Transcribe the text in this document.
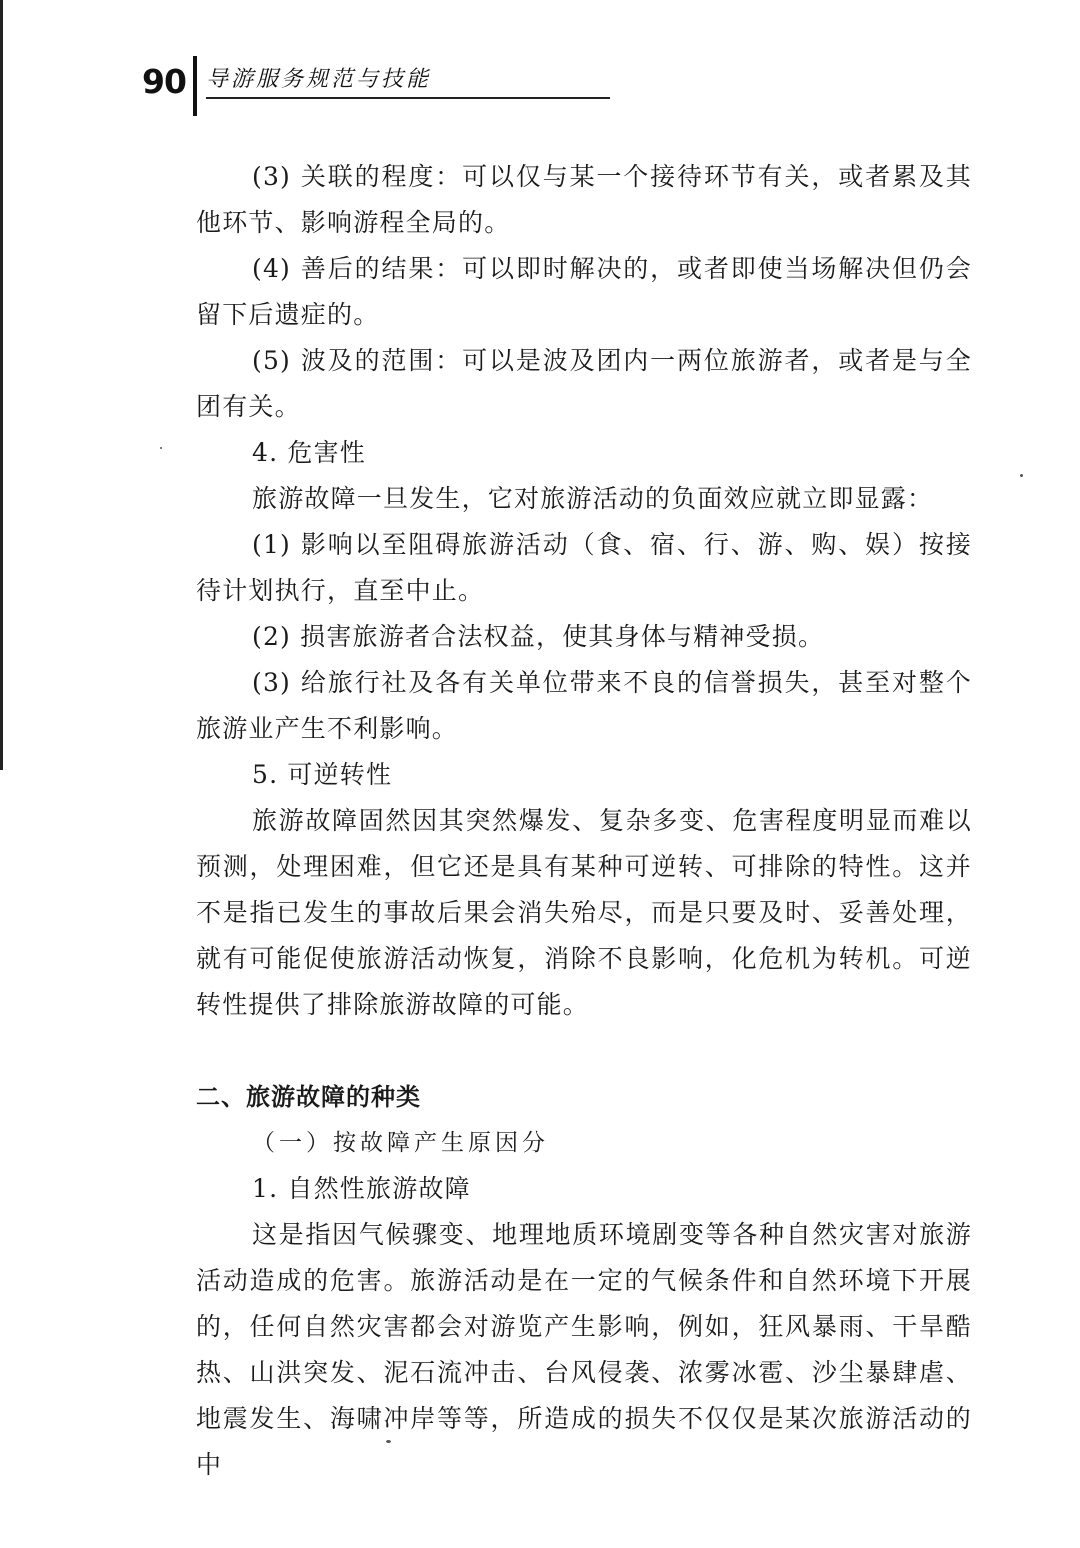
90 导游服务规范与技能

(3) 关联的程度：可以仅与某一个接待环节有关，或者累及其他环节、影响游程全局的。

(4) 善后的结果：可以即时解决的，或者即使当场解决但仍会留下后遗症的。

(5) 波及的范围：可以是波及团内一两位旅游者，或者是与全团有关。

4. 危害性

旅游故障一旦发生，它对旅游活动的负面效应就立即显露：

(1) 影响以至阻碍旅游活动（食、宿、行、游、购、娱）按接待计划执行，直至中止。

(2) 损害旅游者合法权益，使其身体与精神受损。

(3) 给旅行社及各有关单位带来不良的信誉损失，甚至对整个旅游业产生不利影响。

5. 可逆转性

旅游故障固然因其突然爆发、复杂多变、危害程度明显而难以预测，处理困难，但它还是具有某种可逆转、可排除的特性。这并不是指已发生的事故后果会消失殆尽，而是只要及时、妥善处理，就有可能促使旅游活动恢复，消除不良影响，化危机为转机。可逆转性提供了排除旅游故障的可能。

二、旅游故障的种类

（一）按故障产生原因分

1. 自然性旅游故障

这是指因气候骤变、地理地质环境剧变等各种自然灾害对旅游活动造成的危害。旅游活动是在一定的气候条件和自然环境下开展的，任何自然灾害都会对游览产生影响，例如，狂风暴雨、干旱酷热、山洪突发、泥石流冲击、台风侵袭、浓雾冰雹、沙尘暴肆虐、地震发生、海啸冲岸等等，所造成的损失不仅仅是某次旅游活动的中
